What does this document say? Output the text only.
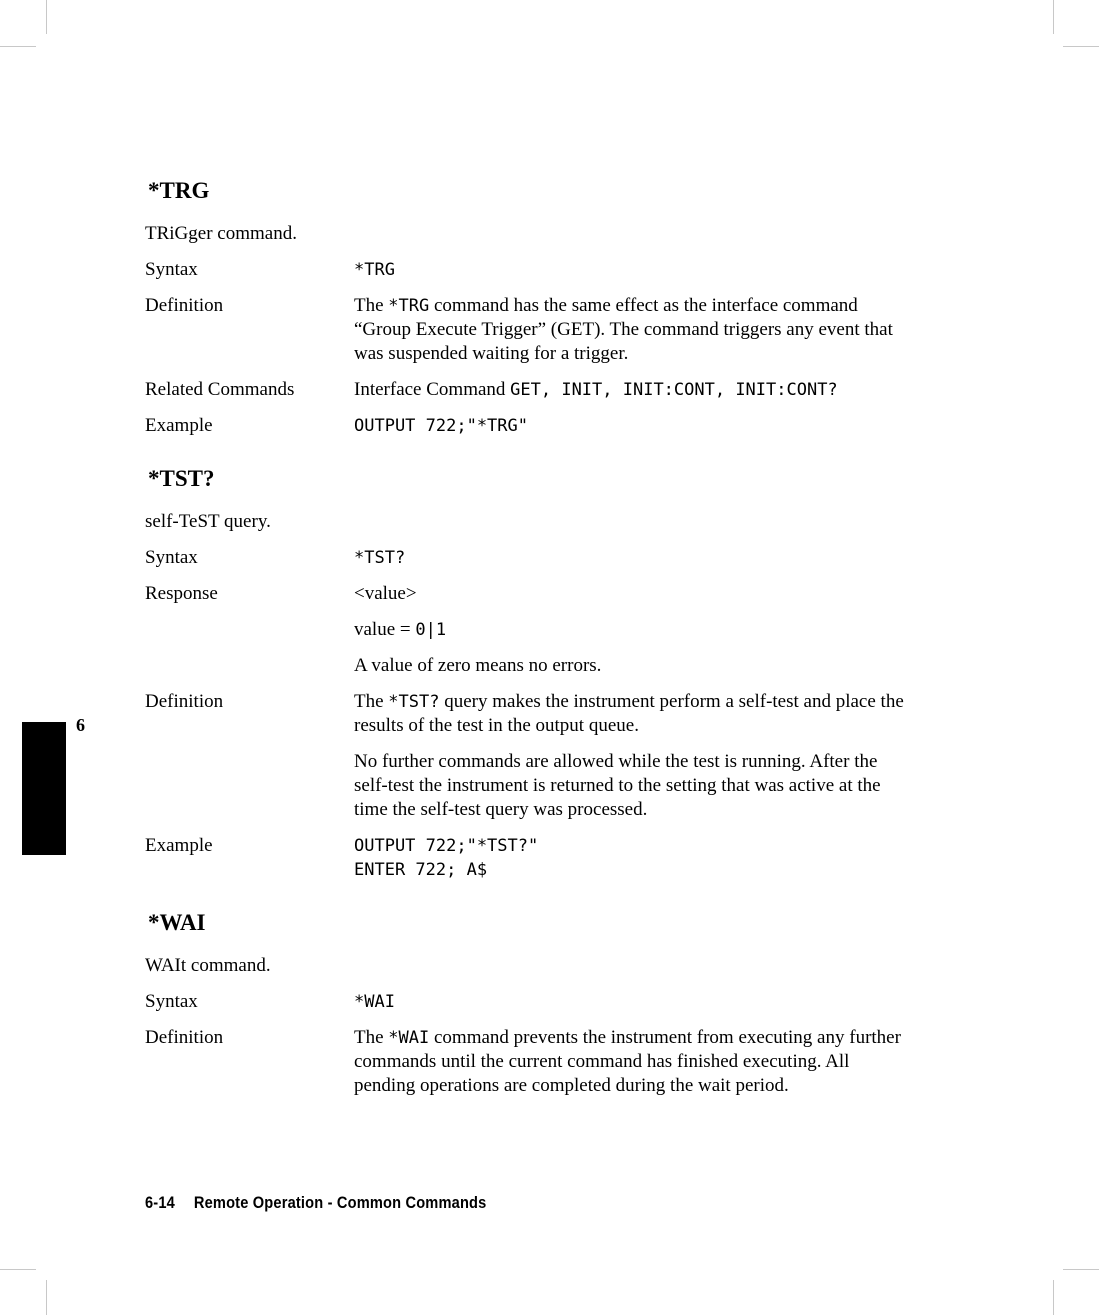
6
*TRG
TRiGger command.
Syntax	*TRG
Definition	The *TRG command has the same effect as the interface command “Group Execute Trigger” (GET). The command triggers any event that was suspended waiting for a trigger.
Related Commands	Interface Command GET, INIT, INIT:CONT, INIT:CONT?
Example	OUTPUT 722;"*TRG"
*TST?
self-TeST query.
Syntax	*TST?
Response	<value>

value = 0|1

A value of zero means no errors.

Definition	The *TST? query makes the instrument perform a self-test and place the results of the test in the output queue.

No further commands are allowed while the test is running. After the self-test the instrument is returned to the setting that was active at the time the self-test query was processed.

Example	OUTPUT 722;"*TST?"
ENTER 722; A$
*WAI
WAIt command.
Syntax	*WAI
Definition	The *WAI command prevents the instrument from executing any further commands until the current command has finished executing. All pending operations are completed during the wait period.
6-14 Remote Operation - Common Commands
